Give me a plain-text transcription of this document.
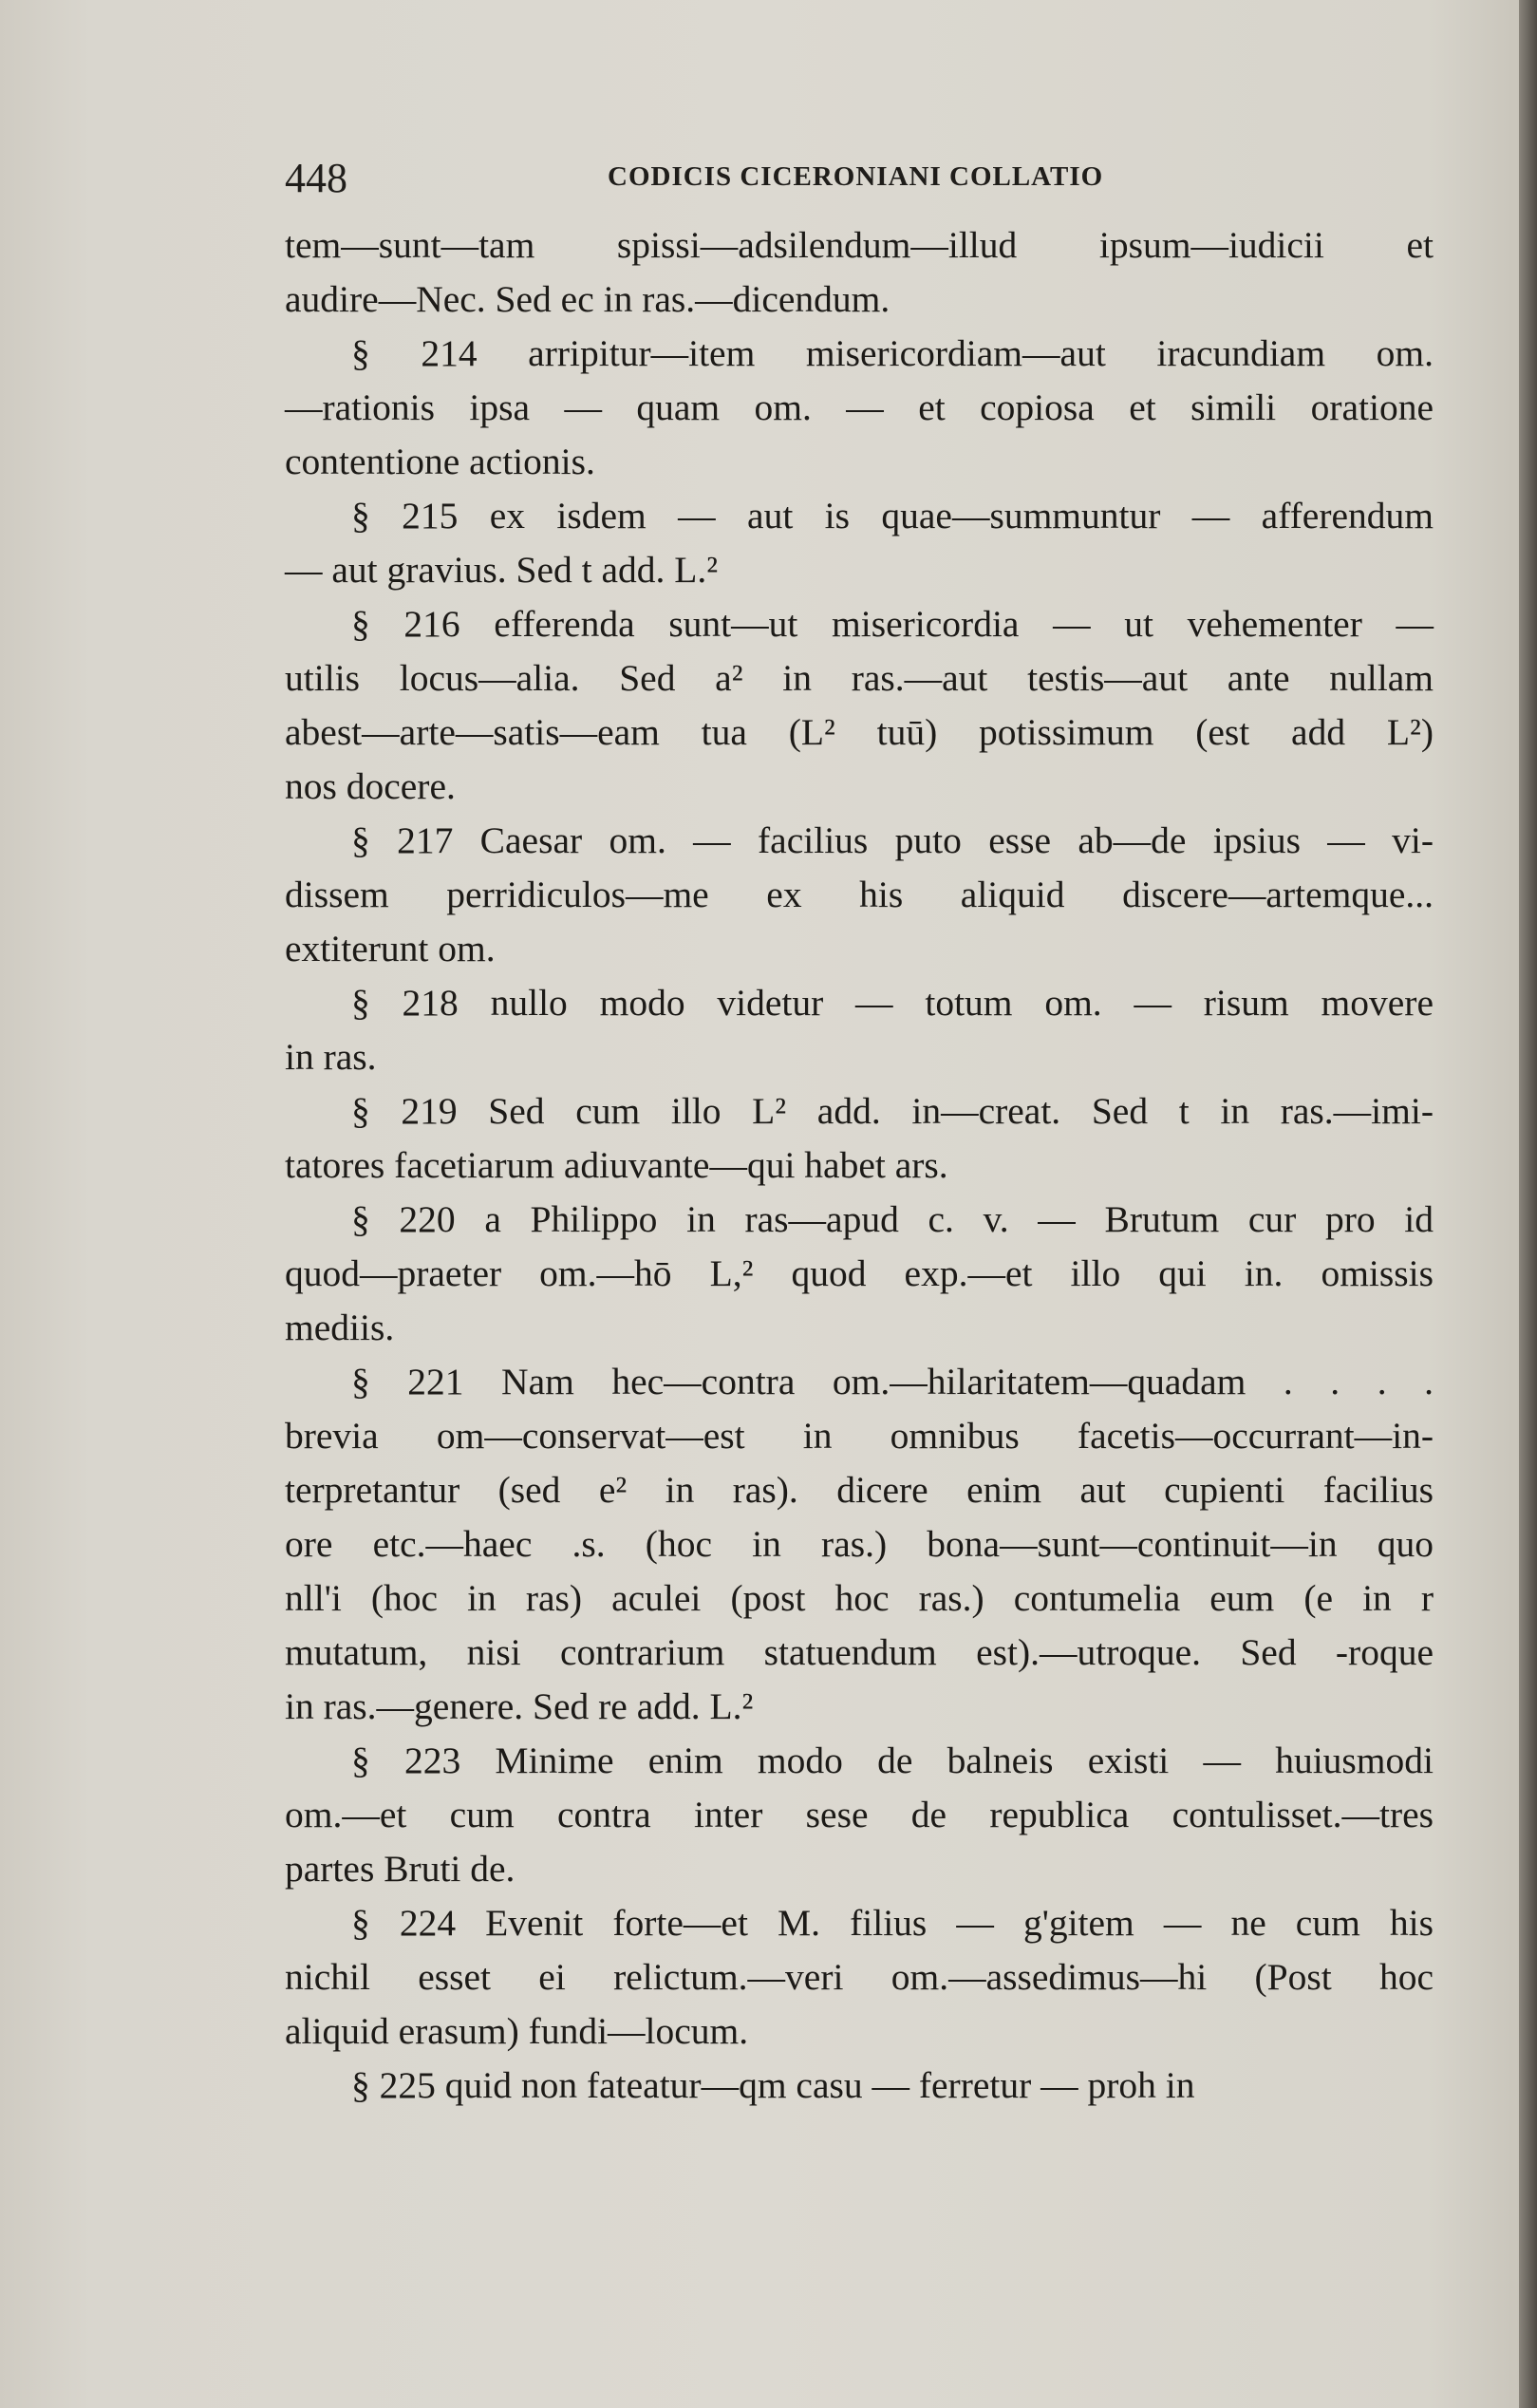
448	CODICIS CICERONIANI COLLATIO
tem—sunt—tam spissi—adsilendum—illud ipsum—iudicii et
audire—Nec. Sed ec in ras.—dicendum.
§ 214 arripitur—item misericordiam—aut iracundiam om.
—rationis ipsa — quam om. — et copiosa et simili oratione
contentione actionis.
§ 215 ex isdem — aut is quae—summuntur — afferendum
— aut gravius. Sed t add. L.²
§ 216 efferenda sunt—ut misericordia — ut vehementer —
utilis locus—alia. Sed a² in ras.—aut testis—aut ante nullam
abest—arte—satis—eam tua (L² tuū) potissimum (est add L²)
nos docere.
§ 217 Caesar om. — facilius puto esse ab—de ipsius — vi-
dissem perridiculos—me ex his aliquid discere—artemque...
extiterunt om.
§ 218 nullo modo videtur — totum om. — risum movere
in ras.
§ 219 Sed cum illo L² add. in—creat. Sed t in ras.—imi-
tatores facetiarum adiuvante—qui habet ars.
§ 220 a Philippo in ras—apud c. v. — Brutum cur pro id
quod—praeter om.—hō L,² quod exp.—et illo qui in. omissis
mediis.
§ 221 Nam hec—contra om.—hilaritatem—quadam . . . .
brevia om—conservat—est in omnibus facetis—occurrant—in-
terpretantur (sed e² in ras). dicere enim aut cupienti facilius
ore etc.—haec .s. (hoc in ras.) bona—sunt—continuit—in quo
nll'i (hoc in ras) aculei (post hoc ras.) contumelia eum (e in r
mutatum, nisi contrarium statuendum est).—utroque. Sed -roque
in ras.—genere. Sed re add. L.²
§ 223 Minime enim modo de balneis existi — huiusmodi
om.—et cum contra inter sese de republica contulisset.—tres
partes Bruti de.
§ 224 Evenit forte—et M. filius — g'gitem — ne cum his
nichil esset ei relictum.—veri om.—assedimus—hi (Post hoc
aliquid erasum) fundi—locum.
§ 225 quid non fateatur—qm casu — ferretur — proh in
